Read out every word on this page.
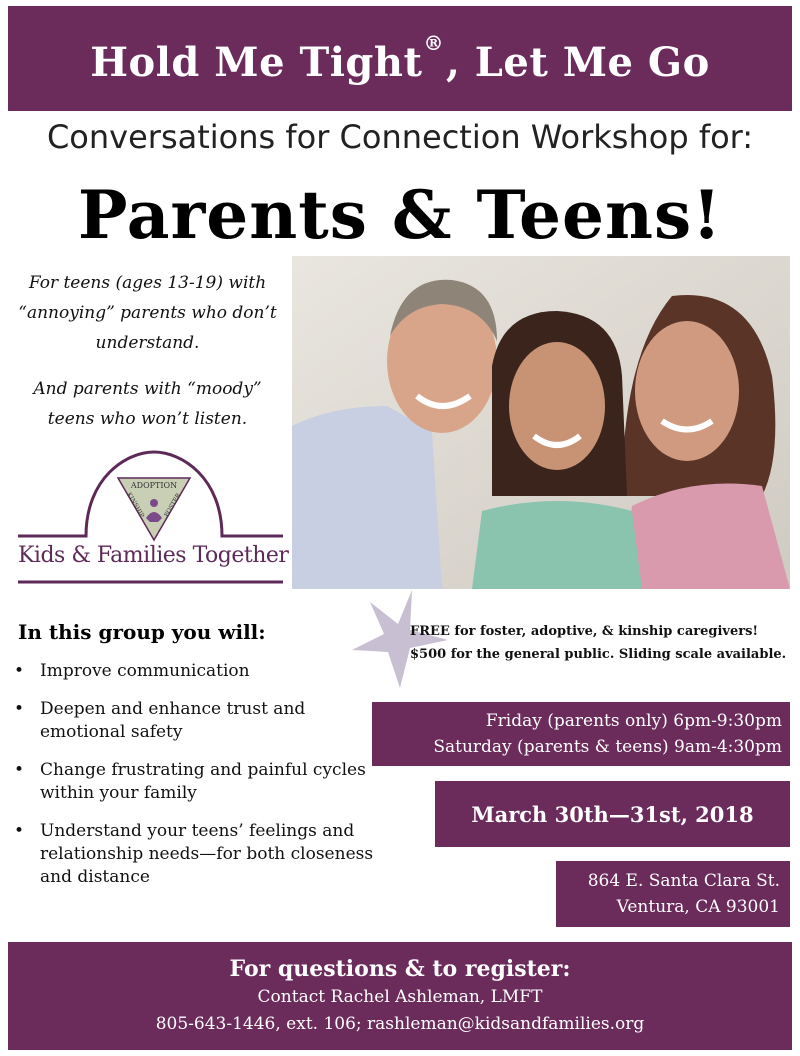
Hold Me Tight®, Let Me Go
Conversations for Connection Workshop for:
Parents & Teens!
For teens (ages 13-19) with “annoying” parents who don’t understand.
And parents with “moody” teens who won’t listen.
ADOPTION
KINSHIP	FOSTER
Kids & Families Together
In this group you will:
• Improve communication
• Deepen and enhance trust and emotional safety
• Change frustrating and painful cycles within your family
• Understand your teens’ feelings and relationship needs—for both closeness and distance
FREE for foster, adoptive, & kinship caregivers!
$500 for the general public. Sliding scale available.
Friday (parents only) 6pm-9:30pm
Saturday (parents & teens) 9am-4:30pm
March 30th—31st, 2018
864 E. Santa Clara St.
Ventura, CA 93001
For questions & to register:
Contact Rachel Ashleman, LMFT
805-643-1446, ext. 106; rashleman@kidsandfamilies.org
